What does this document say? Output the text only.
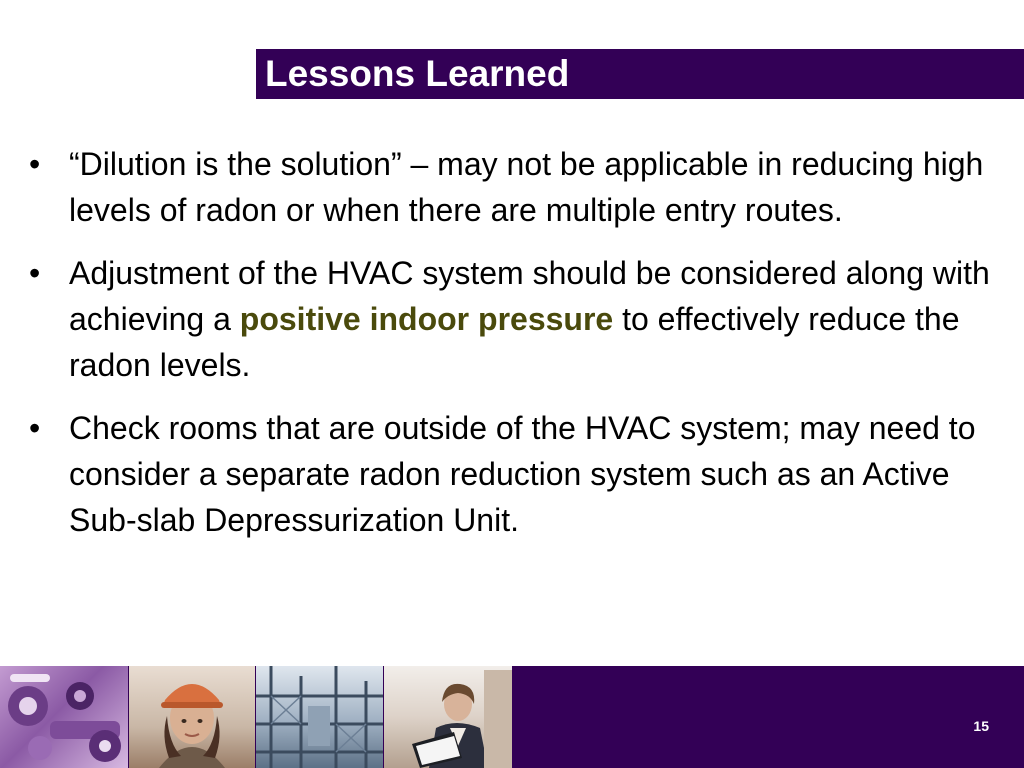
Lessons Learned
• “Dilution is the solution” – may not be applicable in reducing high levels of radon or when there are multiple entry routes.
• Adjustment of the HVAC system should be considered along with achieving a positive indoor pressure to effectively reduce the radon levels.
• Check rooms that are outside of the HVAC system; may need to consider a separate radon reduction system such as an Active Sub-slab Depressurization Unit.
15
